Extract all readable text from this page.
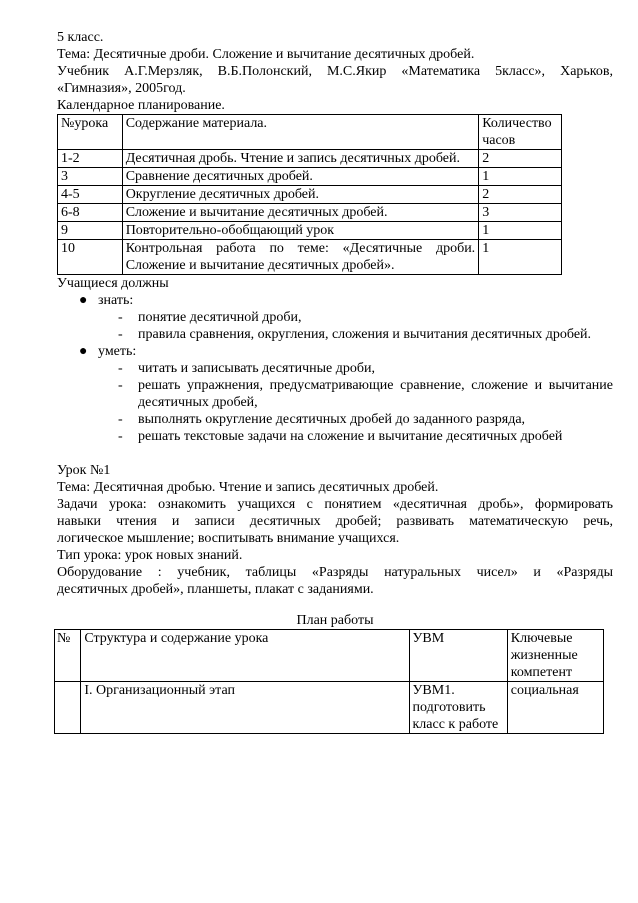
5 класс.

Тема: Десятичные дроби. Сложение и вычитание десятичных дробей.

Учебник А.Г.Мерзляк, В.Б.Полонский, М.С.Якир «Математика 5класс», Харьков,

«Гимназия», 2005год.

Календарное планирование.

№урока	Содержание материала.	Количество часов
1-2	Десятичная дробь. Чтение и запись десятичных дробей.	2
3	Сравнение десятичных дробей.	1
4-5	Округление десятичных дробей.	2
6-8	Сложение и вычитание десятичных дробей.	3
9	Повторительно-обобщающий урок	1
10	Контрольная работа по теме: «Десятичные дроби. Сложение и вычитание десятичных дробей».	1

Учащиеся должны

● знать:
- понятие десятичной дроби,
- правила сравнения, округления, сложения и вычитания десятичных дробей.
● уметь:
- читать и записывать десятичные дроби,
- решать упражнения, предусматривающие сравнение, сложение и вычитание десятичных дробей,
- выполнять округление десятичных дробей до заданного разряда,
- решать текстовые задачи на сложение и вычитание десятичных дробей

Урок №1

Тема: Десятичная дробью. Чтение и запись десятичных дробей.

Задачи урока: ознакомить учащихся с понятием «десятичная дробь», формировать

навыки чтения и записи десятичных дробей; развивать математическую речь,

логическое мышление; воспитывать внимание учащихся.

Тип урока: урок новых знаний.

Оборудование : учебник, таблицы «Разряды натуральных чисел» и «Разряды

десятичных дробей», планшеты, плакат с заданиями.

План работы

№	Структура и содержание урока	УВМ	Ключевые жизненные компетент
	I. Организационный этап	УВМ1. подготовить класс к работе	социальная
